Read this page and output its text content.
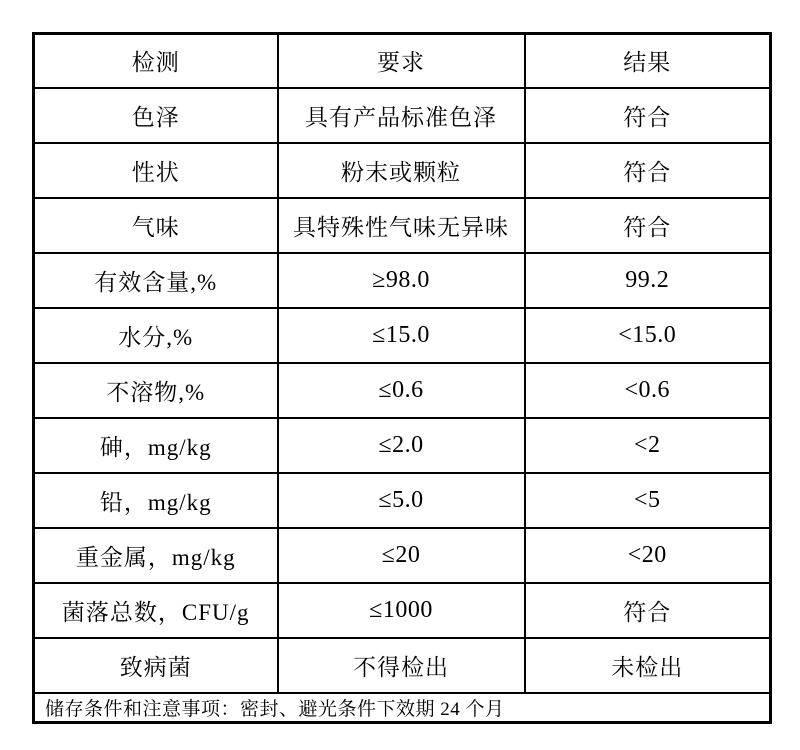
检测	要求	结果
色泽	具有产品标准色泽	符合
性状	粉末或颗粒	符合
气味	具特殊性气味无异味	符合
有效含量,%	≥98.0	99.2
水分,%	≤15.0	<15.0
不溶物,%	≤0.6	<0.6
砷，mg/kg	≤2.0	<2
铅，mg/kg	≤5.0	<5
重金属，mg/kg	≤20	<20
菌落总数，CFU/g	≤1000	符合
致病菌	不得检出	未检出
储存条件和注意事项：密封、避光条件下效期 24 个月		
